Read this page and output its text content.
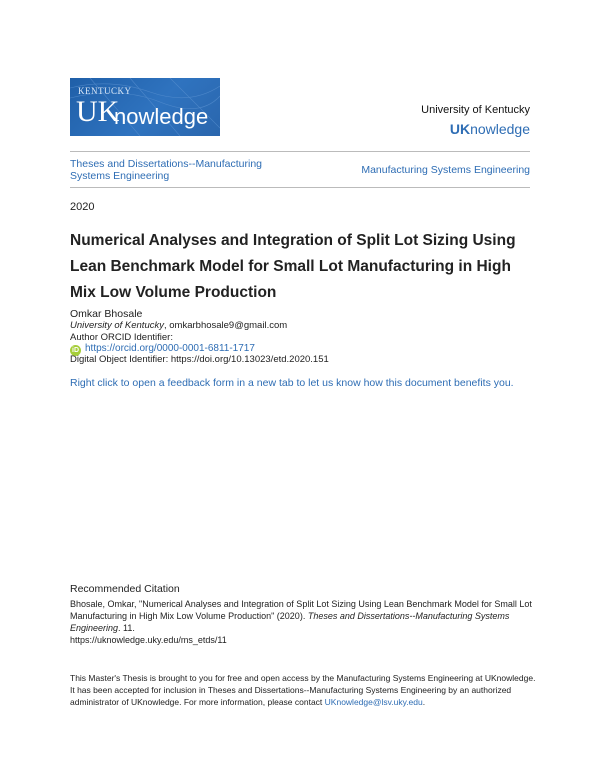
KENTUCKY
UK
nowledge	University of Kentucky
UKnowledge
Theses and Dissertations--Manufacturing Systems Engineering	Manufacturing Systems Engineering
2020
Numerical Analyses and Integration of Split Lot Sizing Using Lean Benchmark Model for Small Lot Manufacturing in High Mix Low Volume Production
Omkar Bhosale
University of Kentucky, omkarbhosale9@gmail.com
Author ORCID Identifier:
iD https://orcid.org/0000-0001-6811-1717
Digital Object Identifier: https://doi.org/10.13023/etd.2020.151
Right click to open a feedback form in a new tab to let us know how this document benefits you.
Recommended Citation
Bhosale, Omkar, "Numerical Analyses and Integration of Split Lot Sizing Using Lean Benchmark Model for Small Lot Manufacturing in High Mix Low Volume Production" (2020). Theses and Dissertations--Manufacturing Systems Engineering. 11.
https://uknowledge.uky.edu/ms_etds/11
This Master's Thesis is brought to you for free and open access by the Manufacturing Systems Engineering at UKnowledge. It has been accepted for inclusion in Theses and Dissertations--Manufacturing Systems Engineering by an authorized administrator of UKnowledge. For more information, please contact UKnowledge@lsv.uky.edu.
